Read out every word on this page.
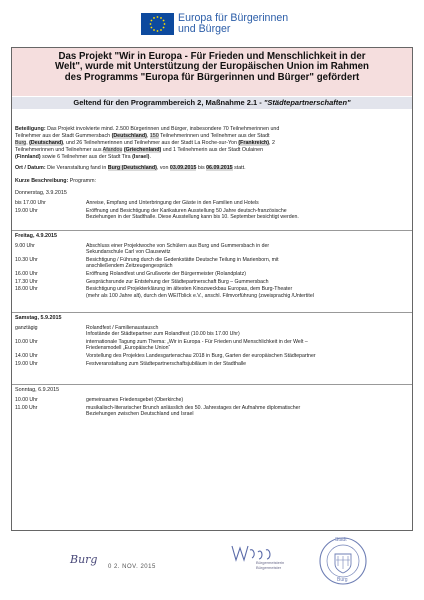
Europa für Bürgerinnen
und Bürger
Das Projekt "Wir in Europa - Für Frieden und Menschlichkeit in der
Welt", wurde mit Unterstützung der Europäischen Union im Rahmen
des Programms "Europa für Bürgerinnen und Bürger" gefördert
Geltend für den Programmbereich 2, Maßnahme 2.1 - "Städtepartnerschaften"
Beteiligung: Das Projekt involvierte mind. 2.500 Bürgerinnen und Bürger, insbesondere 70 Teilnehmerinnen und
Teilnehmer aus der Stadt Gummersbach (Deutschland), 150 Teilnehmerinnen und Teilnehmer aus der Stadt
Burg, (Deutschand), und 26 Teilnehmerinnen und Teilnehmer aus der Stadt La Roche-sur-Yon (Frankreich), 2
Teilnehmerinnen und Teilnehmer aus Afandou (Griechenland) und 1 Teilnehmerin aus der Stadt Oulainen
(Finnland) sowie 6 Teilnehmer aus der Stadt Tira (Israel).
Ort / Datum: Die Veranstaltung fand in Burg (Deutschland), von 03.09.2015 bis 06.09.2015 statt.
Kurze Beschreibung: Programm:
Donnerstag, 3.9.2015
bis 17.00 Uhr	Anreise, Empfang und Unterbringung der Gäste in den Familien und Hotels
19.00 Uhr	Eröffnung und Besichtigung der Karikaturen Ausstellung 50 Jahre deutsch-französische
Beziehungen in der Stadthalle. Diese Ausstellung kann bis 10. September besichtigt werden.
Freitag, 4.9.2015
9.00 Uhr	Abschluss einer Projektwoche von Schülern aus Burg und Gummersbach in der
Sekundarschule Carl von Clausewitz
10.30 Uhr	Besichtigung / Führung durch die Gedenkstätte Deutsche Teilung in Marienborn, mit
anschließendem Zeitzeugengespräch
16.00 Uhr	Eröffnung Rolandfest und Grußworte der Bürgermeister (Rolandplatz)
17.30 Uhr	Gesprächsrunde zur Entstehung der Städtepartnerschaft Burg – Gummersbach
18.00 Uhr	Besichtigung und Projekterklärung im ältesten Kinozweckbau Europas, dem Burg-Theater
(mehr als 100 Jahre alt), durch den WEITblick e.V., anschl. Filmvorführung (zweisprachig /Untertitel
Samstag, 5.9.2015
ganztägig	Rolandfest / Familienaustausch
Infostände der Städtepartner zum Rolandfest (10.00 bis 17.00 Uhr)
10.00 Uhr	internationale Tagung zum Thema: „Wir in Europa - Für Frieden und Menschlichkeit in der Welt –
Friedensmodell „Europäische Union“
14.00 Uhr	Vorstellung des Projektes Landesgartenschau 2018 in Burg, Garten der europäischen Städtepartner
19.00 Uhr	Festveranstaltung zum Städtepartnerschaftsjubiläum in der Stadthalle
Sonntag, 6.9.2015
10.00 Uhr	gemeinsames Friedensgebet (Oberkirche)
11.00 Uhr	musikalisch-literarischer Brunch anlässlich des 50. Jahrestages der Aufnahme diplomatischer
Beziehungen zwischen Deutschland und Israel
Burg
0 2. NOV. 2015
Bürgermeisterin
Bürgermeister
Stadt
Burg
